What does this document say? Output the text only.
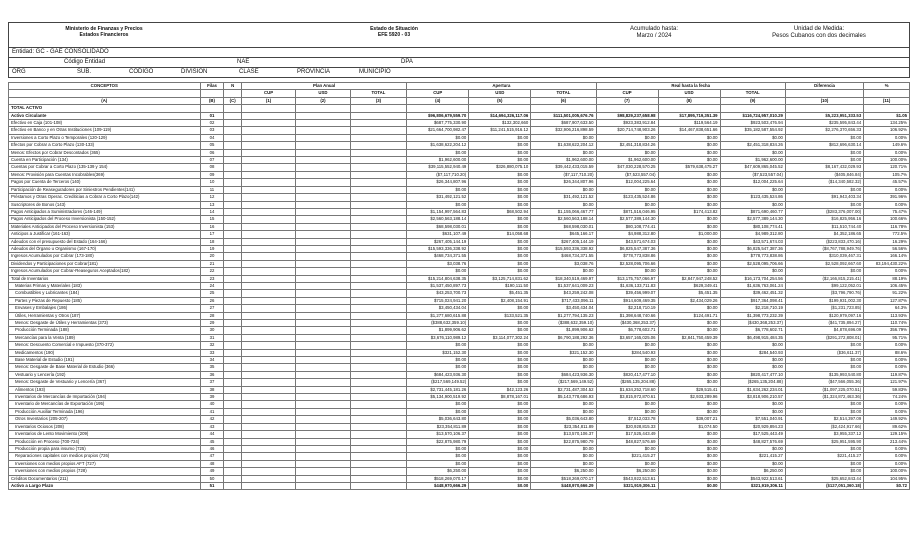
Ministerio de Finanzas y Precios
Estados Financieros
Estado de Situación
EFE 5920 - 03
Acumulado hasta:
Marzo / 2024
Unidad de Medida:
Pesos Cubanos con dos decimales
Entidad: GC - GAE CONSOLIDADO
Código Entidad	NAE	DPA
ORG	SUB.	CODIGO	DIVISION	CLASE	PROVINCIA	MUNICIPIO
CONCEPTOS	Filas	N	Plan Anual			Apertura			Real hasta la fecha			Diferencia	%
			CUP	USD	TOTAL	CUP	USD	TOTAL	CUP	USD	TOTAL		
(A)	(B)	(C)	(1)	(2)	(3)	(4)	(5)	(6)	(7)	(8)	(9)	(10)	(11)
TOTAL ACTIVO													
Activo Circulante	01					$96,806,679,559.70	$14,694,326,117.06	$111,501,005,676.76	$98,829,237,658.98	$17,895,719,351.39	$116,724,957,010.29	$5,223,951,333.53	$1.05
Efectivo en Caja (101-108)	02					$687,775,330.90	$132,302,660	$687,907,633.50	$923,383,912.84	$119,564.19	$923,503,476.94	$235,595,843.44	134.25%
Efectivo en Banco y en Otras Instituciones (109-119)	03					$21,664,700,982.47	$11,241,515,916.12	$32,906,216,898.59	$20,714,748,903.26	$14,467,838,651.66	$35,182,587,554.92	$2,276,370,656.33	106.92%
Inversiones a Corto Plazo o Temporales (120-129)	04					$0.00	$0.00	$0.00	$0.00	$0.00	$0.00	$0.00	0.00%
Efectos por Cobrar a Corto Plazo (130-133)	05					$1,638,622,204.12	$0.00	$1,638,622,204.12	$2,451,318,834.26	$0.00	$2,451,318,834.26	$812,696,630.14	149.6%
Menos: Efectos por Cobrar Descontados (365)	06					$0.00	$0.00	$0.00	$0.00	$0.00	$0.00	$0.00	0.00%
Cuenta en Participación (134)	07					$1,962,600.00	$0.00	$1,962,600.00	$1,962,600.00	$0.00	$1,962,600.00	$0.00	100.00%
Cuentas por Cobrar a Corto Plazo (135-139 y 154)	08					$39,115,552,940.49	$326,880,075.10	$39,442,433,015.59	$47,030,228,570.25	$579,638,475.27	$47,609,865,045.52	$8,167,432,029.93	120.71%
Menos: Provisión para Cuentas Incobrables(369)	09					($7,117,710.20)	$0.00	($7,117,710.20)	($7,523,557.04)	$0.00	($7,523,557.04)	($405,846.84)	105.7%
Pagos por Cuenta de Terceros (140)	10					$26,344,807.96	$0.00	$26,344,807.96	$12,004,225.64	$0.00	$12,004,225.64	($14,340,582.32)	45.57%
Participación de Reaseguradores por Siniestros Pendientes(141)	11					$0.00	$0.00	$0.00	$0.00	$0.00	$0.00	$0.00	0.00%
Préstamos y Otras Operac. Crediticias a Cobrar a Corto Plazo(142)	12					$31,492,121.52	$0.00	$31,492,121.52	$123,435,524.86	$0.00	$123,435,524.86	$91,943,403.34	391.96%
Suscriptores de Bonos (143)	13					$0.00	$0.00	$0.00	$0.00	$0.00	$0.00	$0.00	0.00%
Pagos Anticipados a Suministradores (146-149)	14					$1,154,997,564.83	$68,502.94	$1,155,066,467.77	$871,516,046.95	$174,413.82	$871,690,460.77	($283,376,007.00)	75.47%
Pagos Anticipados del Proceso Inversionista (150-152)	15					$2,560,563,188.14	$0.00	$2,560,563,188.14	$2,577,389,144.30	$0.00	$2,577,389,144.30	$16,825,956.16	100.66%
Materiales Anticipados del Proceso Inversionista (153)	16					$68,598,030.01	$0.00	$68,598,030.01	$80,108,774.41	$0.00	$80,108,774.41	$11,510,744.40	116.78%
Anticipos a Justificar (161-163)	17					$631,107.49	$14,058.68	$645,166.17	$4,988,312.80	$1,000.00	$4,989,312.80	$4,352,186.65	772.5%
Adeudos con el presupuesto del Estado (164-166)	18					$267,405,144.19	$0.00	$267,405,144.19	$43,571,674.03	$0.00	$43,571,674.03	($223,833,470.16)	16.29%
Adeudos del Órgano u Organismo (167-170)	19					$15,593,336,338.92	$0.00	$15,593,336,338.92	$6,825,547,387.36	$0.00	$6,825,547,387.36	($8,767,788,949.76)	56.56%
Ingresos Acumulados por Cobrar (173-180)	20					$468,734,371.55	$0.00	$468,734,371.55	$778,773,838.86	$0.00	$778,773,838.86	$310,039,467.31	166.14%
Dividendos y Participaciones por Cobrar(181)	21					$3,038.76	$0.00	$3,038.76	$2,528,095,706.66	$0.00	$2,528,095,706.66	$2,528,092,667.60	83,194,430.22%
Ingresos Acumulados por Cobrar-Reaseguros Aceptados(182)	22					$0.00	$0.00	$0.00	$0.00	$0.00	$0.00	$0.00	0.00%
Total de Inventarios	23					$15,214,804,638.35	$3,125,714,831.62	$18,340,519,469.97	$13,175,757,066.97	$2,847,947,248.52	$16,173,704,254.56	($2,166,815,215.41)	88.19%
Materias Primas y Materiales (183)	24					$1,537,450,897.73	$190,111.50	$1,537,641,009.23	$1,636,133,711.83	$629,349.41	$1,636,763,061.24	$99,122,052.01	106.45%
Combustibles y Lubricantes (184)	25					$43,253,700.73	$5,451.35	$43,259,242.08	$39,456,999.07	$5,451.35	$39,462,451.32	($3,796,790.76)	91.22%
Partes y Piezas de Repuesto (185)	26					$715,024,941.20	$2,408,154.91	$717,433,096.11	$914,609,469.35	$2,434,029.26	$917,364,098.41	$199,931,002.30	127.87%
Envases y Embalajes (186)	27					$3,450,434.04	$0.00	$3,450,434.04	$2,218,710.19	$0.00	$2,218,710.19	($1,231,723.85)	64.3%
Útiles, Herramientas y Otros (187)	28					$1,277,680,615.88	$133,521.35	$1,277,794,135.23	$1,398,648,740.66	$124,491.71	$1,398,773,232.39	$120,979,097.16	113.93%
Menos: Desgaste de Útiles y Herramientas (373)	29					($388,632,359.10)	$0.00	($388,632,359.10)	($430,368,253.37)	$0.00	($430,368,253.37)	($41,735,894.27)	110.74%
Producción Terminada (188)	30					$1,899,906.62	$0.00	$1,899,906.62	$6,778,602.71	$0.00	$6,778,602.71	$4,878,696.09	356.79%
Mercancías para la Venta (189)	31					$3,676,110,989.12	$3,114,077,302.24	$6,790,188,292.36	$3,657,165,025.06	$2,841,750,459.39	$6,498,915,484.35	($291,272,808.01)	95.71%
Menos: Descuento Comercial e Impuesto (370-372)	32					$0.00	$0.00	$0.00	$0.00	$0.00	$0.00	$0.00	0.00%
Medicamentos (190)	33					$321,152.30	$0.00	$321,152.30	$284,540.93	$0.00	$284,540.93	($36,611.37)	88.6%
Base Material de Estudio (191)	34					$0.00	$0.00	$0.00	$0.00	$0.00	$0.00	$0.00	0.00%
Menos: Desgaste de Base Material de Estudio (366)	35					$0.00	$0.00	$0.00	$0.00	$0.00	$0.00	$0.00	0.00%
Vestuario y Lencería (192)	36					$684,423,936.30	$0.00	$684,423,936.30	$820,417,477.10	$0.00	$820,417,477.10	$135,993,540.80	119.87%
Menos: Desgaste de Vestuario y Lencería (367)	37					($217,569,149.52)	$0.00	($217,569,149.52)	($265,135,204.88)	$0.00	($265,135,204.88)	($47,566,055.36)	121.97%
Alimentos (193)	38					$2,731,445,181.26	$42,123.26	$2,731,487,304.52	$1,634,252,718.60	$29,515.41	$1,634,262,234.01	($1,097,225,070.51)	59.83%
Inventarios de Mercancías de Importación (194)	39					$5,134,900,519.92	$8,878,167.01	$5,143,778,686.93	$3,815,972,870.61	$2,933,289.96	$3,818,906,210.57	($1,324,872,463.36)	74.24%
Inventario de Mercancías de Exportación (195)	40					$0.00	$0.00	$0.00	$0.00	$0.00	$0.00	$0.00	0.00%
Producción Auxiliar Terminada (196)	41					$0.00	$0.00	$0.00	$0.00	$0.00	$0.00	$0.00	0.00%
Otros Inventarios (205-207)	42					$5,036,643.80	$0.00	$5,036,643.80	$7,512,033.78	$39,007.21	$7,551,040.91	$2,514,397.09	149.92%
Inventarios Ociosos (208)	43					$23,354,811.89	$0.00	$23,354,811.89	$20,928,815.33	$1,074.50	$20,929,894.23	($2,424,917.66)	89.62%
Inventarios de Lento Movimiento (209)	44					$13,570,106.37	$0.00	$13,570,106.37	$17,525,443.49	$0.00	$17,525,443.49	$3,955,337.12	129.15%
Producción en Proceso (700-724)	45					$22,875,980.79	$0.00	$22,875,980.79	$48,827,576.69	$0.00	$48,827,576.69	$25,951,595.90	213.44%
Producción propia para insumo (725)	46					$0.00	$0.00	$0.00	$0.00	$0.00	$0.00	$0.00	0.00%
Reparaciones capitales con medios propios (726)	47					$0.00	$0.00	$0.00	$221,415.27	$0.00	$221,415.27	$221,415.27	0.00%
Inversiones con medios propios AFT (727)	48					$0.00	$0.00	$0.00	$0.00	$0.00	$0.00	$0.00	0.00%
Inversiones con medios propios (728)	49					$6,250.00	$0.00	$6,250.00	$6,250.00	$0.00	$6,250.00	$0.00	100.00%
Créditos Documentarios (211)	50					$518,269,070.17	$0.00	$518,269,070.17	$543,922,513.61	$0.00	$543,922,513.61	$25,652,843.44	104.95%
Activo a Largo Plazo	51					$448,970,666.29	$0.00	$448,970,666.29	$321,919,306.11	$0.00	$321,919,306.11	($127,051,360.18)	$0.72
